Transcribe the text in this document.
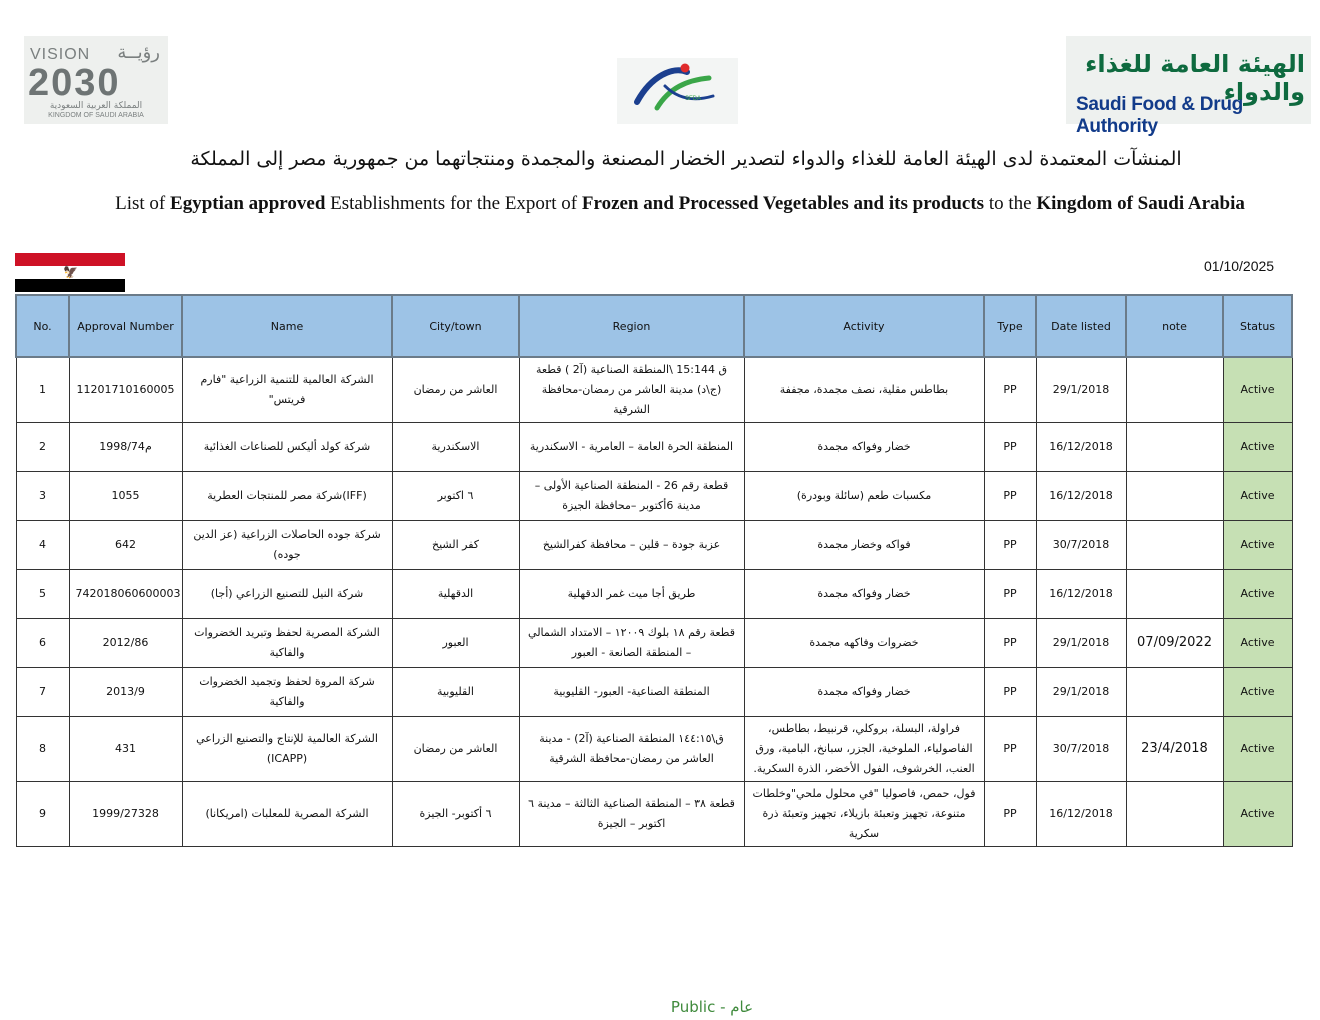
VISION رؤيــة
2030
المملكة العربية السعودية
KINGDOM OF SAUDI ARABIA
SFDA
الهيئة العامة للغذاء والدواء
Saudi Food & Drug Authority
المنشآت المعتمدة لدى الهيئة العامة للغذاء والدواء لتصدير الخضار المصنعة والمجمدة ومنتجاتهما من جمهورية مصر إلى المملكة
List of Egyptian approved Establishments for the Export of Frozen and Processed Vegetables and its products to the Kingdom of Saudi Arabia
🦅	01/10/2025
No.	Approval Number	Name	City/town	Region	Activity	Type	Date listed	note	Status
1	11201710160005	الشركة العالمية للتنمية الزراعية "فارم فريتس"	العاشر من رمضان	ق 15:144 \المنطقة الصناعية (آ2 ) قطعة (ج\د) مدينة العاشر من رمضان-محافظة الشرقية	بطاطس مقلية، نصف مجمدة، مجففة	PP	29/1/2018		Active
2	1998/74م	شركة كولد أليكس للصناعات الغذائية	الاسكندرية	المنطقة الحرة العامة – العامرية - الاسكندرية	خضار وفواكه مجمدة	PP	16/12/2018		Active
3	1055	(IFF)شركة مصر للمنتجات العطرية	٦ اكتوبر	قطعة رقم 26 - المنطقة الصناعية الأولى – مدينة 6أكتوبر –محافظة الجيزة	مكسبات طعم (سائلة وبودرة)	PP	16/12/2018		Active
4	642	شركة جوده الحاصلات الزراعية (عز الدين جوده)	كفر الشيخ	عزبة جودة – قلين – محافظة كفرالشيخ	فواكه وخضار مجمدة	PP	30/7/2018		Active
5	742018060600003	شركة النيل للتصنيع الزراعي (أجا)	الدقهلية	طريق أجا ميت غمر الدقهلية	خضار وفواكه مجمدة	PP	16/12/2018		Active
6	2012/86	الشركة المصرية لحفظ وتبريد الخضروات والفاكية	العبور	قطعة رقم ١٨ بلوك ١٢٠٠٩ – الامتداد الشمالي – المنطقة الصانعة - العبور	خضروات وفاكهه مجمدة	PP	29/1/2018	07/09/2022	Active
7	2013/9	شركة المروة لحفظ وتجميد الخضروات والفاكية	القليوبية	المنطقة الصناعية- العبور- القليوبية	خضار وفواكه مجمدة	PP	29/1/2018		Active
8	431	الشركة العالمية للإنتاج والتصنيع الزراعي (ICAPP)	العاشر من رمضان	ق\١٤٤:١٥ المنطقة الصناعية (آ2) - مدينة العاشر من رمضان-محافظة الشرقية	فراولة، البسلة، بروكلي، قرنبيط، بطاطس، الفاصولياء، الملوخية، الجزر، سبانخ، البامية، ورق العنب، الخرشوف، الفول الأخضر، الذرة السكرية.	PP	30/7/2018	23/4/2018	Active
9	1999/27328	الشركة المصرية للمعلبات (امريكانا)	٦ أكتوبر- الجيزة	قطعة ٣٨ – المنطقة الصناعية الثالثة – مدينة ٦ اكتوبر – الجيزة	فول، حمص، فاصوليا "في محلول ملحي"وخلطات متنوعة، تجهيز وتعبئة بازيلاء، تجهيز وتعبئة ذرة سكرية	PP	16/12/2018		Active
Public - عام
